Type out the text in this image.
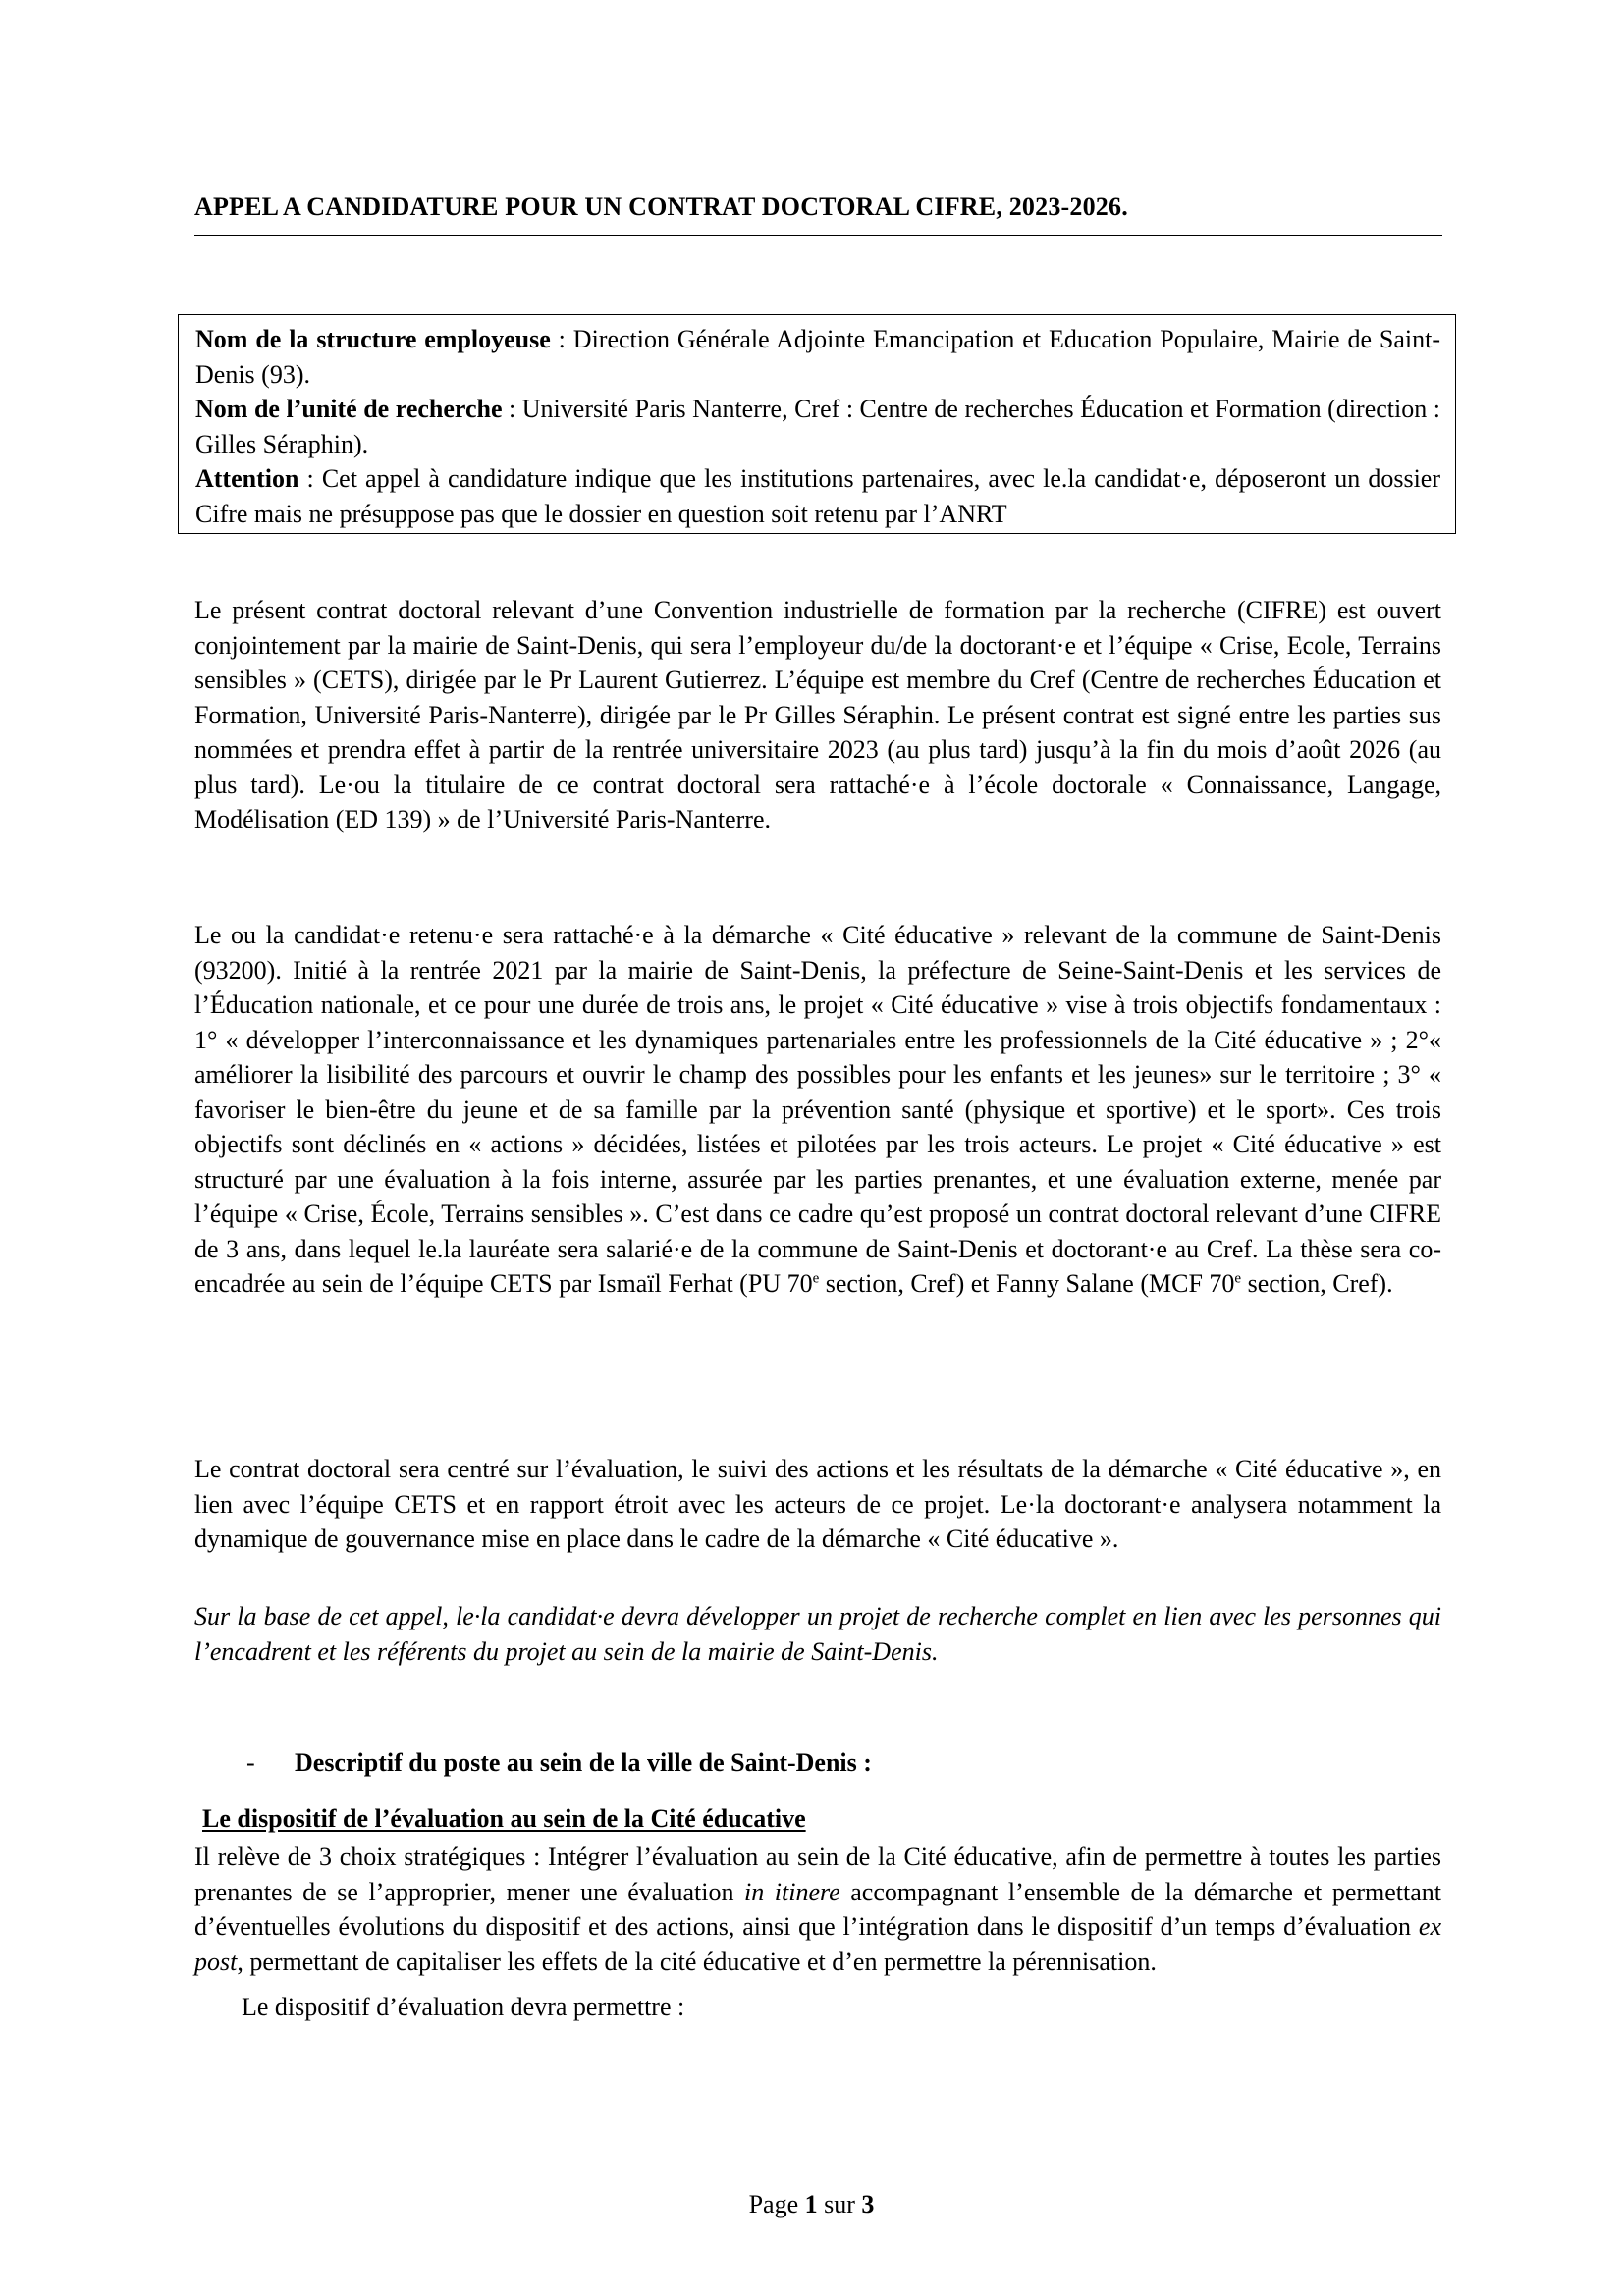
APPEL A CANDIDATURE POUR UN CONTRAT DOCTORAL CIFRE, 2023-2026.

Nom de la structure employeuse : Direction Générale Adjointe Emancipation et Education Populaire, Mairie de Saint-Denis (93).

Nom de l’unité de recherche : Université Paris Nanterre, Cref : Centre de recherches Éducation et Formation (direction : Gilles Séraphin).

Attention : Cet appel à candidature indique que les institutions partenaires, avec le.la candidat·e, déposeront un dossier Cifre mais ne présuppose pas que le dossier en question soit retenu par l’ANRT

Le présent contrat doctoral relevant d’une Convention industrielle de formation par la recherche (CIFRE) est ouvert conjointement par la mairie de Saint-Denis, qui sera l’employeur du/de la doctorant·e et l’équipe « Crise, Ecole, Terrains sensibles » (CETS), dirigée par le Pr Laurent Gutierrez. L’équipe est membre du Cref (Centre de recherches Éducation et Formation, Université Paris-Nanterre), dirigée par le Pr Gilles Séraphin. Le présent contrat est signé entre les parties sus nommées et prendra effet à partir de la rentrée universitaire 2023 (au plus tard) jusqu’à la fin du mois d’août 2026 (au plus tard). Le·ou la titulaire de ce contrat doctoral sera rattaché·e à l’école doctorale « Connaissance, Langage, Modélisation (ED 139) » de l’Université Paris-Nanterre.

Le ou la candidat·e retenu·e sera rattaché·e à la démarche « Cité éducative » relevant de la commune de Saint-Denis (93200). Initié à la rentrée 2021 par la mairie de Saint-Denis, la préfecture de Seine-Saint-Denis et les services de l’Éducation nationale, et ce pour une durée de trois ans, le projet « Cité éducative » vise à trois objectifs fondamentaux : 1° « développer l’interconnaissance et les dynamiques partenariales entre les professionnels de la Cité éducative » ; 2°« améliorer la lisibilité des parcours et ouvrir le champ des possibles pour les enfants et les jeunes» sur le territoire ; 3° « favoriser le bien-être du jeune et de sa famille par la prévention santé (physique et sportive) et le sport». Ces trois objectifs sont déclinés en « actions » décidées, listées et pilotées par les trois acteurs. Le projet « Cité éducative » est structuré par une évaluation à la fois interne, assurée par les parties prenantes, et une évaluation externe, menée par l’équipe « Crise, École, Terrains sensibles ». C’est dans ce cadre qu’est proposé un contrat doctoral relevant d’une CIFRE de 3 ans, dans lequel le.la lauréate sera salarié·e de la commune de Saint-Denis et doctorant·e au Cref. La thèse sera co-encadrée au sein de l’équipe CETS par Ismaïl Ferhat (PU 70e section, Cref) et Fanny Salane (MCF 70e section, Cref).

Le contrat doctoral sera centré sur l’évaluation, le suivi des actions et les résultats de la démarche « Cité éducative », en lien avec l’équipe CETS et en rapport étroit avec les acteurs de ce projet. Le·la doctorant·e analysera notamment la dynamique de gouvernance mise en place dans le cadre de la démarche « Cité éducative ».

Sur la base de cet appel, le·la candidat·e devra développer un projet de recherche complet en lien avec les personnes qui l’encadrent et les référents du projet au sein de la mairie de Saint-Denis.

- Descriptif du poste au sein de la ville de Saint-Denis :
Le dispositif de l’évaluation au sein de la Cité éducative

Il relève de 3 choix stratégiques : Intégrer l’évaluation au sein de la Cité éducative, afin de permettre à toutes les parties prenantes de se l’approprier, mener une évaluation in itinere accompagnant l’ensemble de la démarche et permettant d’éventuelles évolutions du dispositif et des actions, ainsi que l’intégration dans le dispositif d’un temps d’évaluation ex post, permettant de capitaliser les effets de la cité éducative et d’en permettre la pérennisation.

Le dispositif d’évaluation devra permettre :

Page 1 sur 3
